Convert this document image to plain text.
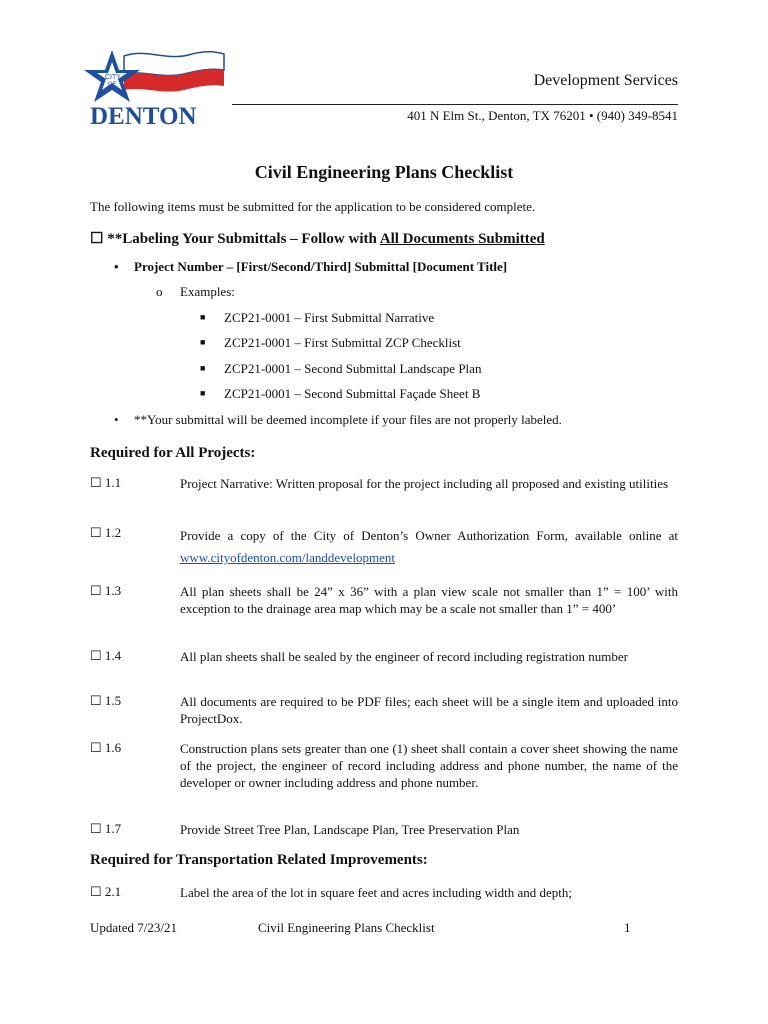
CITY
OF
DENTON
Development Services
401 N Elm St., Denton, TX 76201 • (940) 349-8541
Civil Engineering Plans Checklist
The following items must be submitted for the application to be considered complete.
☐ **Labeling Your Submittals – Follow with All Documents Submitted
• Project Number – [First/Second/Third] Submittal [Document Title]
o Examples:
■ ZCP21-0001 – First Submittal Narrative
■ ZCP21-0001 – First Submittal ZCP Checklist
■ ZCP21-0001 – Second Submittal Landscape Plan
■ ZCP21-0001 – Second Submittal Façade Sheet B
• **Your submittal will be deemed incomplete if your files are not properly labeled.
Required for All Projects:
☐ 1.1	Project Narrative: Written proposal for the project including all proposed and existing utilities
☐ 1.2	Provide a copy of the City of Denton’s Owner Authorization Form, available online at www.cityofdenton.com/landdevelopment
☐ 1.3	All plan sheets shall be 24” x 36” with a plan view scale not smaller than 1” = 100’ with exception to the drainage area map which may be a scale not smaller than 1” = 400’
☐ 1.4	All plan sheets shall be sealed by the engineer of record including registration number
☐ 1.5	All documents are required to be PDF files; each sheet will be a single item and uploaded into ProjectDox.
☐ 1.6	Construction plans sets greater than one (1) sheet shall contain a cover sheet showing the name of the project, the engineer of record including address and phone number, the name of the developer or owner including address and phone number.
☐ 1.7	Provide Street Tree Plan, Landscape Plan, Tree Preservation Plan
Required for Transportation Related Improvements:
☐ 2.1	Label the area of the lot in square feet and acres including width and depth;
Updated 7/23/21	Civil Engineering Plans Checklist	1
